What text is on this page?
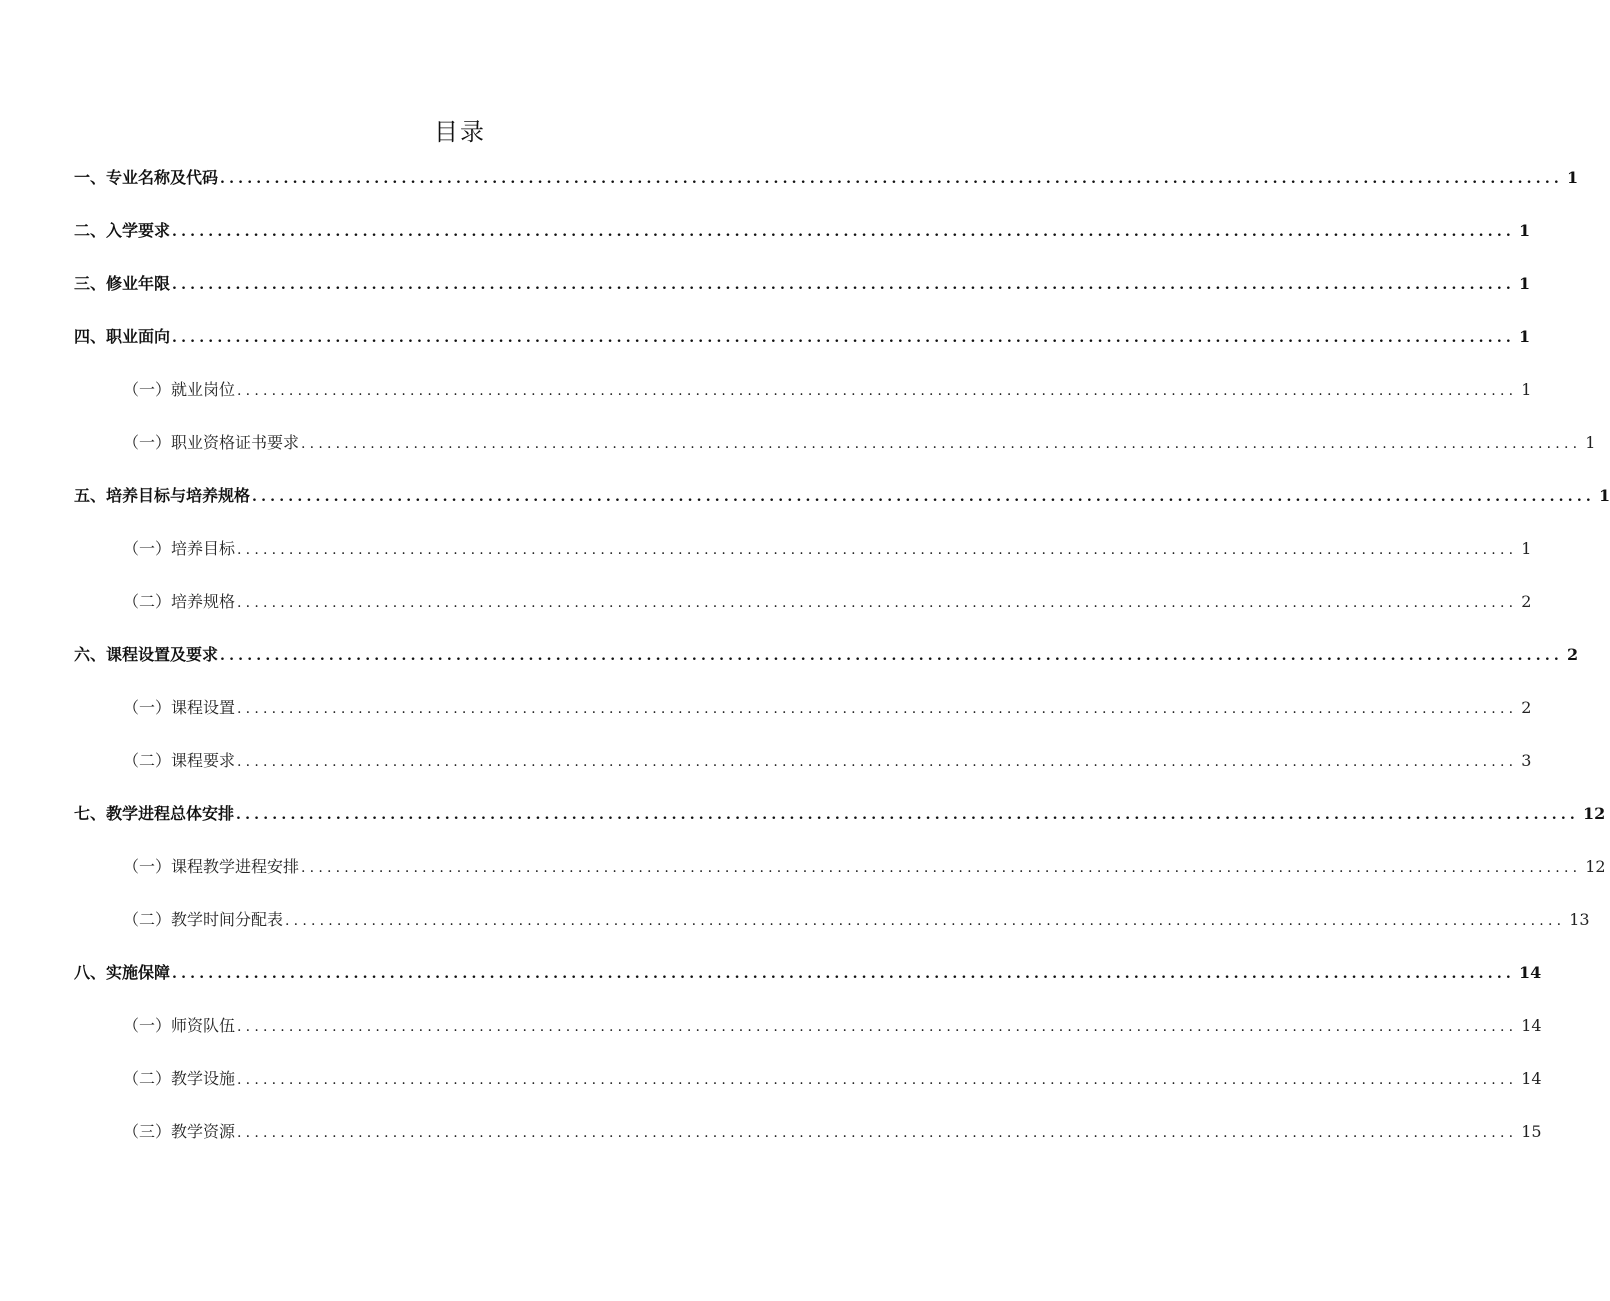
目录
一、专业名称及代码 .................................................................................................................................................... 1
二、入学要求 .................................................................................................................................................... 1
三、修业年限 .................................................................................................................................................... 1
四、职业面向 .................................................................................................................................................... 1
（一）就业岗位 .................................................................................................................................................... 1
（一）职业资格证书要求 .................................................................................................................................................... 1
五、培养目标与培养规格 .................................................................................................................................................... 1
（一）培养目标 .................................................................................................................................................... 1
（二）培养规格 .................................................................................................................................................... 2
六、课程设置及要求 .................................................................................................................................................... 2
（一）课程设置 .................................................................................................................................................... 2
（二）课程要求 .................................................................................................................................................... 3
七、教学进程总体安排 .................................................................................................................................................... 12
（一）课程教学进程安排 .................................................................................................................................................... 12
（二）教学时间分配表 .................................................................................................................................................... 13
八、实施保障 .................................................................................................................................................... 14
（一）师资队伍 .................................................................................................................................................... 14
（二）教学设施 .................................................................................................................................................... 14
（三）教学资源 .................................................................................................................................................... 15
